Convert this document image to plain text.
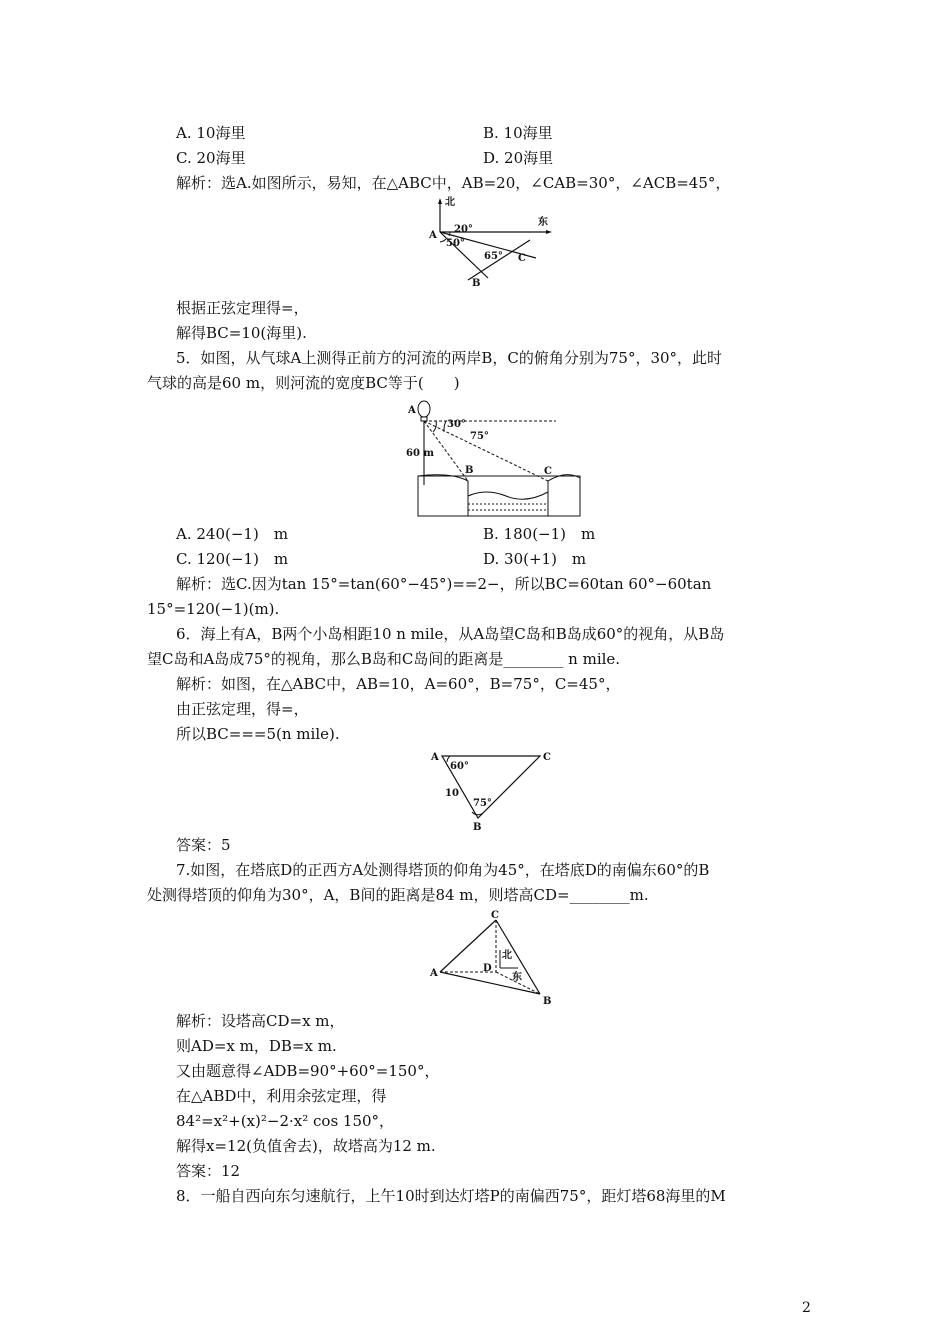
A. 10海里	B. 10海里
C. 20海里	D. 20海里
解析：选A.如图所示，易知，在△ABC中，AB=20，∠CAB=30°，∠ACB=45°，
北
东
A
B
C
20°
50°
65°
根据正弦定理得=，
解得BC=10(海里).
5．如图，从气球A上测得正前方的河流的两岸B，C的俯角分别为75°，30°，此时
气球的高是60 m，则河流的宽度BC等于(　　)
A
B	C
30°
75°
60 m
A. 240(−1)　m	B. 180(−1)　m
C. 120(−1)　m	D. 30(+1)　m
解析：选C.因为tan 15°=tan(60°−45°)==2−，所以BC=60tan 60°−60tan
15°=120(−1)(m).
6．海上有A，B两个小岛相距10 n mile，从A岛望C岛和B岛成60°的视角，从B岛
望C岛和A岛成75°的视角，那么B岛和C岛间的距离是________ n mile.
解析：如图，在△ABC中，AB=10，A=60°，B=75°，C=45°，
由正弦定理，得=，
所以BC===5(n mile).
A	C
B
60°
75°
10
答案：5
7.如图，在塔底D的正西方A处测得塔顶的仰角为45°，在塔底D的南偏东60°的B
处测得塔顶的仰角为30°，A，B间的距离是84 m，则塔高CD=________m.
C
A
B
D
北
东
解析：设塔高CD=x m，
则AD=x m，DB=x m.
又由题意得∠ADB=90°+60°=150°，
在△ABD中，利用余弦定理，得
84²=x²+(x)²−2·x² cos 150°，
解得x=12(负值舍去)，故塔高为12 m.
答案：12
8．一船自西向东匀速航行，上午10时到达灯塔P的南偏西75°，距灯塔68海里的M
2
